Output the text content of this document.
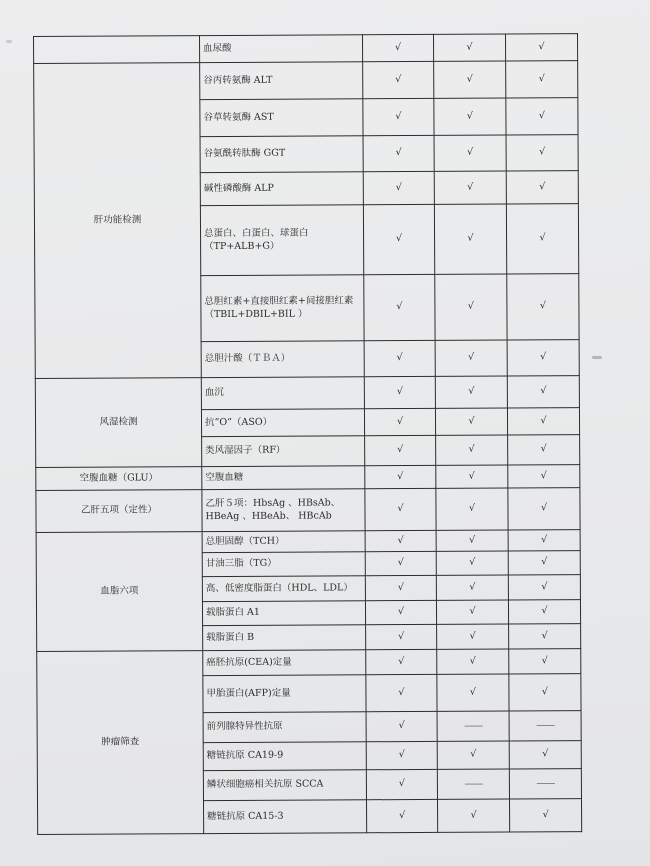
	血尿酸	√	√	√
肝功能检测	谷丙转氨酶 ALT	√	√	√
	谷草转氨酶 AST	√	√	√
	谷氨酰转肽酶 GGT	√	√	√
	碱性磷酸酶 ALP	√	√	√
	总蛋白、白蛋白、球蛋白（TP+ALB+G）	√	√	√
	总胆红素+直接胆红素+间接胆红素（TBIL+DBIL+BIL ）	√	√	√
	总胆汁酸（ＴＢＡ）	√	√	√
风湿检测	血沉	√	√	√
	抗“O”（ASO）	√	√	√
	类风湿因子（RF）	√	√	√
空腹血糖（GLU）	空腹血糖	√	√	√
乙肝五项（定性）	乙肝５项：HbsAg 、HBsAb、 HBeAg 、HBeAb、 HBcAb	√	√	√
血脂六项	总胆固醇（TCH）	√	√	√
	甘油三脂（TG）	√	√	√
	高、低密度脂蛋白（HDL、LDL）	√	√	√
	载脂蛋白 A1	√	√	√
	载脂蛋白 B	√	√	√
肿瘤筛查	癌胚抗原(CEA)定量	√	√	√
	甲胎蛋白(AFP)定量	√	√	√
	前列腺特异性抗原	√	——	——
	糖链抗原 CA19-9	√	√	√
	鳞状细胞癌相关抗原 SCCA	√	——	——
	糖链抗原 CA15-3	√	√	√
